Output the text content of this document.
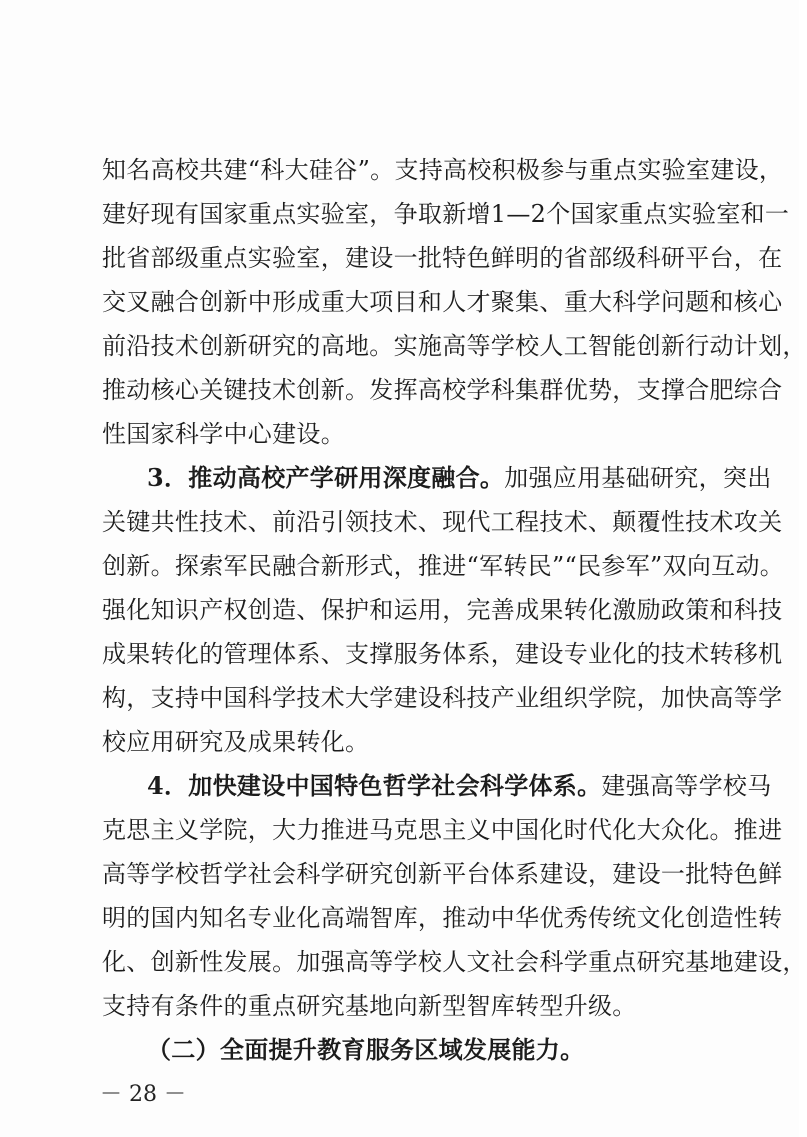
知名高校共建“科大硅谷”。支持高校积极参与重点实验室建设，
建好现有国家重点实验室，争取新增1—2个国家重点实验室和一
批省部级重点实验室，建设一批特色鲜明的省部级科研平台，在
交叉融合创新中形成重大项目和人才聚集、重大科学问题和核心
前沿技术创新研究的高地。实施高等学校人工智能创新行动计划，
推动核心关键技术创新。发挥高校学科集群优势，支撑合肥综合
性国家科学中心建设。
3．推动高校产学研用深度融合。加强应用基础研究，突出
关键共性技术、前沿引领技术、现代工程技术、颠覆性技术攻关
创新。探索军民融合新形式，推进“军转民”“民参军”双向互动。
强化知识产权创造、保护和运用，完善成果转化激励政策和科技
成果转化的管理体系、支撑服务体系，建设专业化的技术转移机
构，支持中国科学技术大学建设科技产业组织学院，加快高等学
校应用研究及成果转化。
4．加快建设中国特色哲学社会科学体系。建强高等学校马
克思主义学院，大力推进马克思主义中国化时代化大众化。推进
高等学校哲学社会科学研究创新平台体系建设，建设一批特色鲜
明的国内知名专业化高端智库，推动中华优秀传统文化创造性转
化、创新性发展。加强高等学校人文社会科学重点研究基地建设，
支持有条件的重点研究基地向新型智库转型升级。
（二）全面提升教育服务区域发展能力。
－ 28 －
